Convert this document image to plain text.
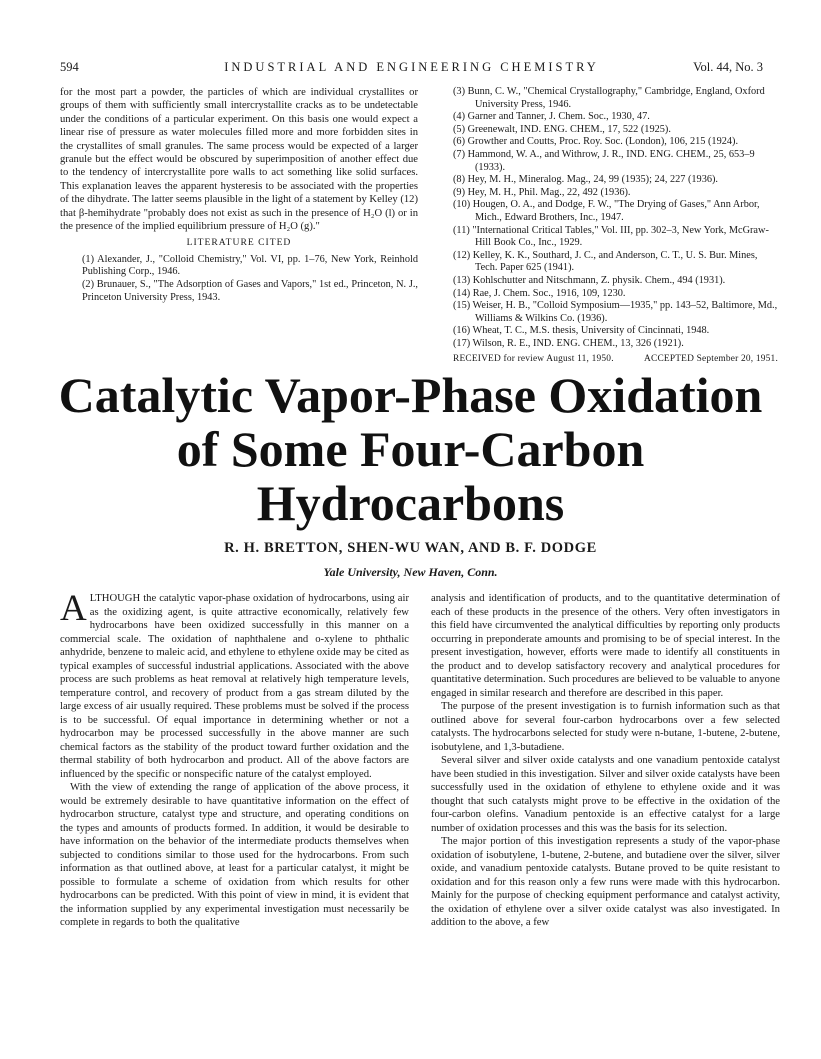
594	INDUSTRIAL AND ENGINEERING CHEMISTRY	Vol. 44, No. 3

for the most part a powder, the particles of which are individual crystallites or groups of them with sufficiently small intercrystallite cracks as to be undetectable under the conditions of a particular experiment. On this basis one would expect a linear rise of pressure as water molecules filled more and more forbidden sites in the crystallites of small granules. The same process would be expected of a larger granule but the effect would be obscured by superimposition of another effect due to the tendency of intercrystallite pore walls to act something like solid surfaces. This explanation leaves the apparent hysteresis to be associated with the properties of the dihydrate. The latter seems plausible in the light of a statement by Kelley (12) that β-hemihydrate "probably does not exist as such in the presence of H₂O (l) or in the presence of the implied equilibrium pressure of H₂O (g)."

LITERATURE CITED

(1) Alexander, J., "Colloid Chemistry," Vol. VI, pp. 1–76, New York, Reinhold Publishing Corp., 1946.

(2) Brunauer, S., "The Adsorption of Gases and Vapors," 1st ed., Princeton, N. J., Princeton University Press, 1943.

(3) Bunn, C. W., "Chemical Crystallography," Cambridge, England, Oxford University Press, 1946.

(4) Garner and Tanner, J. Chem. Soc., 1930, 47.

(5) Greenewalt, IND. ENG. CHEM., 17, 522 (1925).

(6) Growther and Coutts, Proc. Roy. Soc. (London), 106, 215 (1924).

(7) Hammond, W. A., and Withrow, J. R., IND. ENG. CHEM., 25, 653–9 (1933).

(8) Hey, M. H., Mineralog. Mag., 24, 99 (1935); 24, 227 (1936).

(9) Hey, M. H., Phil. Mag., 22, 492 (1936).

(10) Hougen, O. A., and Dodge, F. W., "The Drying of Gases," Ann Arbor, Mich., Edward Brothers, Inc., 1947.

(11) "International Critical Tables," Vol. III, pp. 302–3, New York, McGraw-Hill Book Co., Inc., 1929.

(12) Kelley, K. K., Southard, J. C., and Anderson, C. T., U. S. Bur. Mines, Tech. Paper 625 (1941).

(13) Kohlschutter and Nitschmann, Z. physik. Chem., 494 (1931).

(14) Rae, J. Chem. Soc., 1916, 109, 1230.

(15) Weiser, H. B., "Colloid Symposium—1935," pp. 143–52, Baltimore, Md., Williams & Wilkins Co. (1936).

(16) Wheat, T. C., M.S. thesis, University of Cincinnati, 1948.

(17) Wilson, R. E., IND. ENG. CHEM., 13, 326 (1921).

RECEIVED for review August 11, 1950.	ACCEPTED September 20, 1951.
Catalytic Vapor-Phase Oxidation
of Some Four-Carbon
Hydrocarbons
R. H. BRETTON, SHEN-WU WAN, AND B. F. DODGE
Yale University, New Haven, Conn.

ALTHOUGH the catalytic vapor-phase oxidation of hydrocarbons, using air as the oxidizing agent, is quite attractive economically, relatively few hydrocarbons have been oxidized successfully in this manner on a commercial scale. The oxidation of naphthalene and o-xylene to phthalic anhydride, benzene to maleic acid, and ethylene to ethylene oxide may be cited as typical examples of successful industrial applications. Associated with the above process are such problems as heat removal at relatively high temperature levels, temperature control, and recovery of product from a gas stream diluted by the large excess of air usually required. These problems must be solved if the process is to be successful. Of equal importance in determining whether or not a hydrocarbon may be processed successfully in the above manner are such chemical factors as the stability of the product toward further oxidation and the thermal stability of both hydrocarbon and product. All of the above factors are influenced by the specific or nonspecific nature of the catalyst employed.

With the view of extending the range of application of the above process, it would be extremely desirable to have quantitative information on the effect of hydrocarbon structure, catalyst type and structure, and operating conditions on the types and amounts of products formed. In addition, it would be desirable to have information on the behavior of the intermediate products themselves when subjected to conditions similar to those used for the hydrocarbons. From such information as that outlined above, at least for a particular catalyst, it might be possible to formulate a scheme of oxidation from which results for other hydrocarbons can be predicted. With this point of view in mind, it is evident that the information supplied by any experimental investigation must necessarily be complete in regards to both the qualitative

analysis and identification of products, and to the quantitative determination of each of these products in the presence of the others. Very often investigators in this field have circumvented the analytical difficulties by reporting only products occurring in preponderate amounts and promising to be of special interest. In the present investigation, however, efforts were made to identify all constituents in the product and to develop satisfactory recovery and analytical procedures for quantitative determination. Such procedures are believed to be valuable to anyone engaged in similar research and therefore are described in this paper.

The purpose of the present investigation is to furnish information such as that outlined above for several four-carbon hydrocarbons over a few selected catalysts. The hydrocarbons selected for study were n-butane, 1-butene, 2-butene, isobutylene, and 1,3-butadiene.

Several silver and silver oxide catalysts and one vanadium pentoxide catalyst have been studied in this investigation. Silver and silver oxide catalysts have been successfully used in the oxidation of ethylene to ethylene oxide and it was thought that such catalysts might prove to be effective in the oxidation of the four-carbon olefins. Vanadium pentoxide is an effective catalyst for a large number of oxidation processes and this was the basis for its selection.

The major portion of this investigation represents a study of the vapor-phase oxidation of isobutylene, 1-butene, 2-butene, and butadiene over the silver, silver oxide, and vanadium pentoxide catalysts. Butane proved to be quite resistant to oxidation and for this reason only a few runs were made with this hydrocarbon. Mainly for the purpose of checking equipment performance and catalyst activity, the oxidation of ethylene over a silver oxide catalyst was also investigated. In addition to the above, a few
